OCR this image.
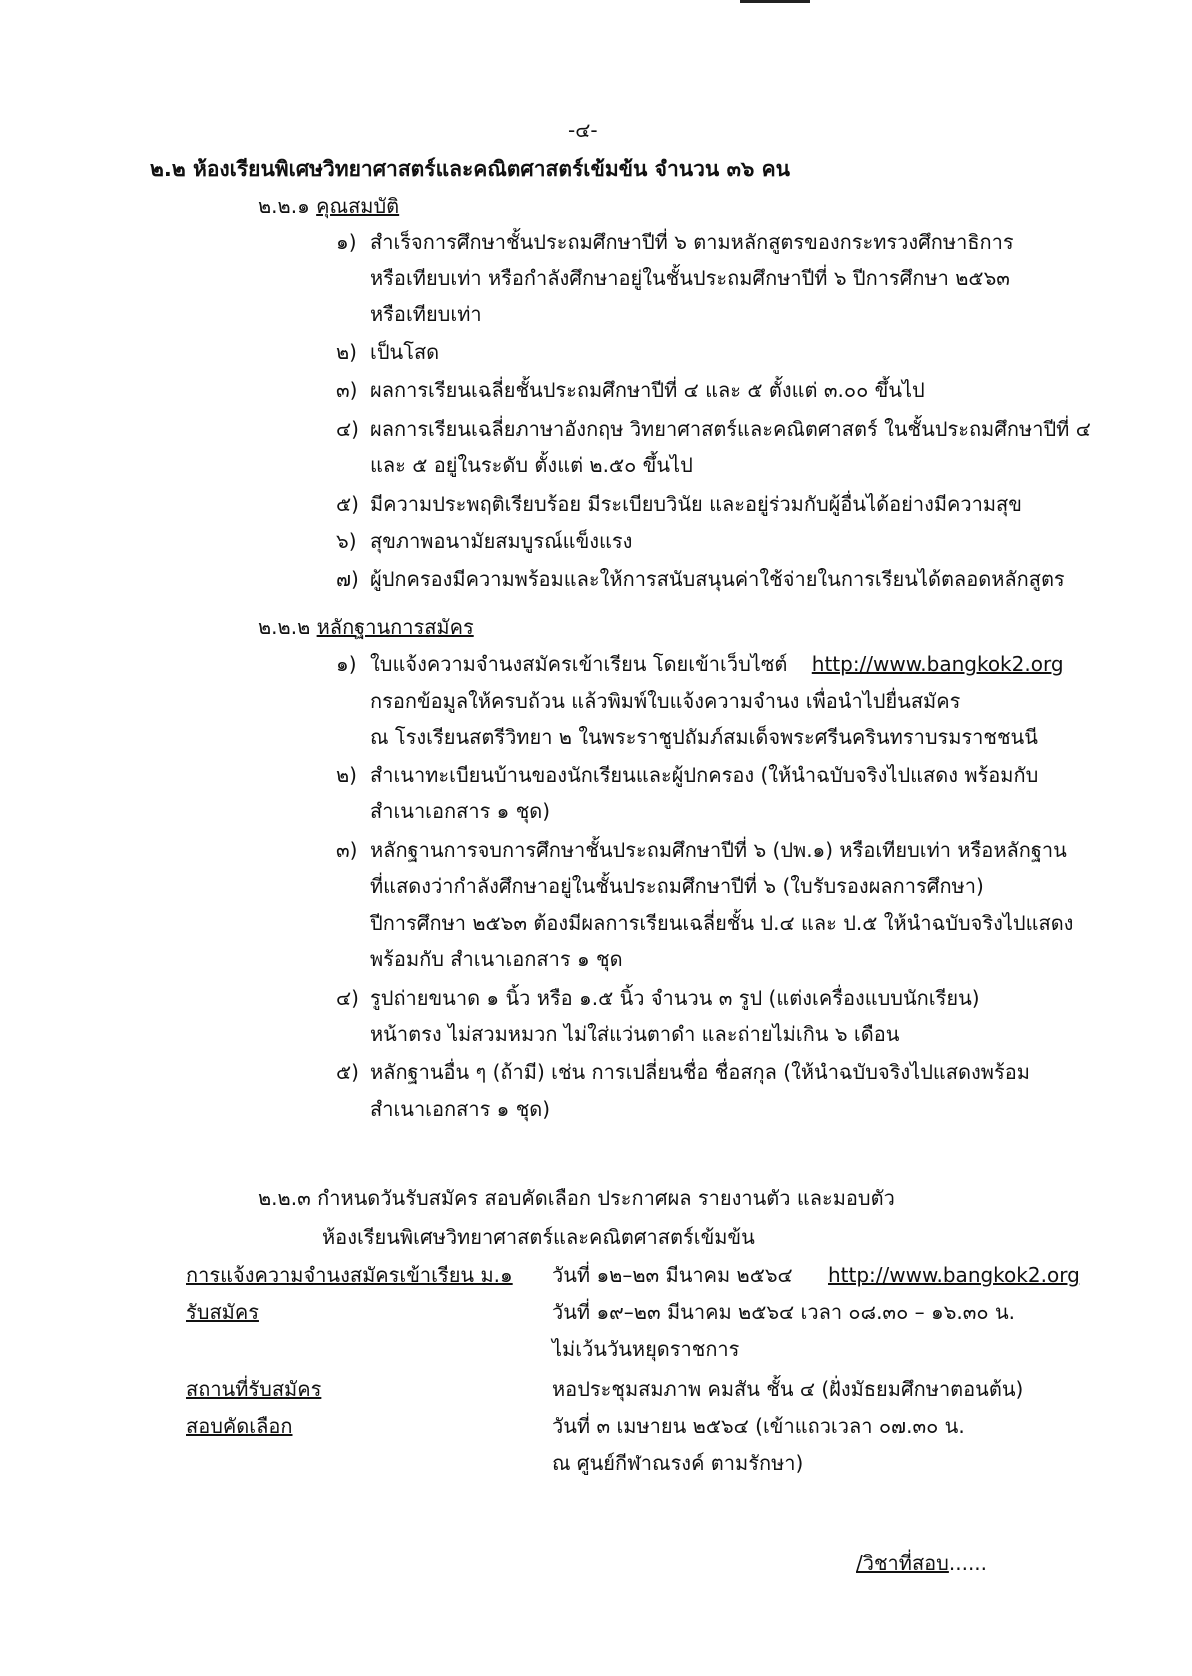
-๔-
๒.๒ ห้องเรียนพิเศษวิทยาศาสตร์และคณิตศาสตร์เข้มข้น จำนวน ๓๖ คน
๒.๒.๑ คุณสมบัติ
๑) สำเร็จการศึกษาชั้นประถมศึกษาปีที่ ๖ ตามหลักสูตรของกระทรวงศึกษาธิการ
หรือเทียบเท่า หรือกำลังศึกษาอยู่ในชั้นประถมศึกษาปีที่ ๖ ปีการศึกษา ๒๕๖๓
หรือเทียบเท่า
๒) เป็นโสด
๓) ผลการเรียนเฉลี่ยชั้นประถมศึกษาปีที่ ๔ และ ๕ ตั้งแต่ ๓.๐๐ ขึ้นไป
๔) ผลการเรียนเฉลี่ยภาษาอังกฤษ วิทยาศาสตร์และคณิตศาสตร์ ในชั้นประถมศึกษาปีที่ ๔
และ ๕ อยู่ในระดับ ตั้งแต่ ๒.๕๐ ขึ้นไป
๕) มีความประพฤติเรียบร้อย มีระเบียบวินัย และอยู่ร่วมกับผู้อื่นได้อย่างมีความสุข
๖) สุขภาพอนามัยสมบูรณ์แข็งแรง
๗) ผู้ปกครองมีความพร้อมและให้การสนับสนุนค่าใช้จ่ายในการเรียนได้ตลอดหลักสูตร
๒.๒.๒ หลักฐานการสมัคร
๑) ใบแจ้งความจำนงสมัครเข้าเรียน โดยเข้าเว็บไซต์ http://www.bangkok2.org
กรอกข้อมูลให้ครบถ้วน แล้วพิมพ์ใบแจ้งความจำนง เพื่อนำไปยื่นสมัคร
ณ โรงเรียนสตรีวิทยา ๒ ในพระราชูปถัมภ์สมเด็จพระศรีนครินทราบรมราชชนนี
๒) สำเนาทะเบียนบ้านของนักเรียนและผู้ปกครอง (ให้นำฉบับจริงไปแสดง พร้อมกับ
สำเนาเอกสาร ๑ ชุด)
๓) หลักฐานการจบการศึกษาชั้นประถมศึกษาปีที่ ๖ (ปพ.๑) หรือเทียบเท่า หรือหลักฐาน
ที่แสดงว่ากำลังศึกษาอยู่ในชั้นประถมศึกษาปีที่ ๖ (ใบรับรองผลการศึกษา)
ปีการศึกษา ๒๕๖๓ ต้องมีผลการเรียนเฉลี่ยชั้น ป.๔ และ ป.๕ ให้นำฉบับจริงไปแสดง
พร้อมกับ สำเนาเอกสาร ๑ ชุด
๔) รูปถ่ายขนาด ๑ นิ้ว หรือ ๑.๕ นิ้ว จำนวน ๓ รูป (แต่งเครื่องแบบนักเรียน)
หน้าตรง ไม่สวมหมวก ไม่ใส่แว่นตาดำ และถ่ายไม่เกิน ๖ เดือน
๕) หลักฐานอื่น ๆ (ถ้ามี) เช่น การเปลี่ยนชื่อ ชื่อสกุล (ให้นำฉบับจริงไปแสดงพร้อม
สำเนาเอกสาร ๑ ชุด)
๒.๒.๓ กำหนดวันรับสมัคร สอบคัดเลือก ประกาศผล รายงานตัว และมอบตัว
ห้องเรียนพิเศษวิทยาศาสตร์และคณิตศาสตร์เข้มข้น
การแจ้งความจำนงสมัครเข้าเรียน ม.๑ วันที่ ๑๒–๒๓ มีนาคม ๒๕๖๔ http://www.bangkok2.org
รับสมัคร	วันที่ ๑๙–๒๓ มีนาคม ๒๕๖๔ เวลา ๐๘.๓๐ – ๑๖.๓๐ น.
ไม่เว้นวันหยุดราชการ
สถานที่รับสมัคร	หอประชุมสมภาพ คมสัน ชั้น ๔ (ฝั่งมัธยมศึกษาตอนต้น)
สอบคัดเลือก	วันที่ ๓ เมษายน ๒๕๖๔ (เข้าแถวเวลา ๐๗.๓๐ น.
ณ ศูนย์กีฬาณรงค์ ตามรักษา)
/วิชาที่สอบ......
